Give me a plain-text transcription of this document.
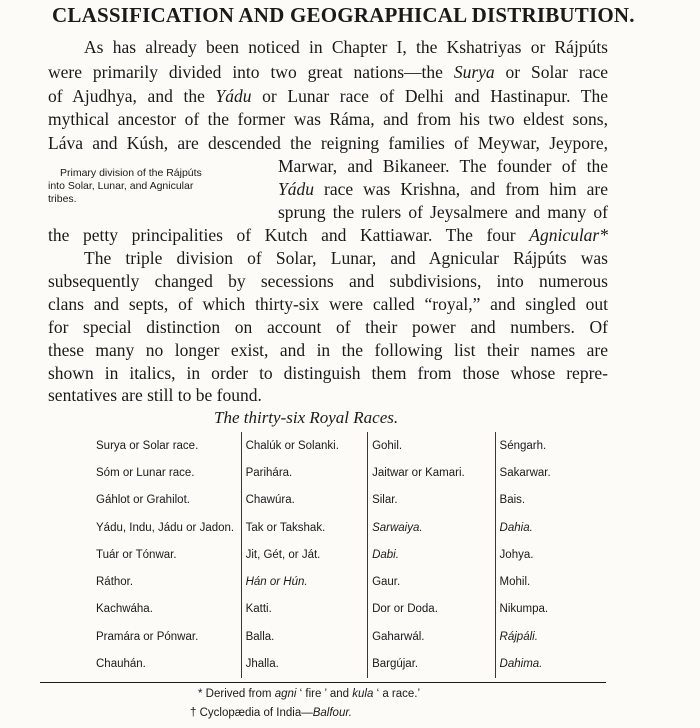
CLASSIFICATION AND GEOGRAPHICAL DISTRIBUTION.
As has already been noticed in Chapter I, the Kshatriyas or Rájpúts
were primarily divided into two great nations—the Surya or Solar race
of Ajudhya, and the Yádu or Lunar race of Delhi and Hastinapur. The
mythical ancestor of the former was Ráma, and from his two eldest sons,
Láva and Kúsh, are descended the reigning families of Meywar, Jeypore,
Marwar, and Bikaneer. The founder of the
Yádu race was Krishna, and from him are
sprung the rulers of Jeysalmere and many of
the petty principalities of Kutch and Kattiawar. The four Agnicular*
Primary division of the Rájpúts
into Solar, Lunar, and Agnicular
tribes.
The triple division of Solar, Lunar, and Agnicular Rájpúts was
subsequently changed by secessions and subdivisions, into numerous
clans and septs, of which thirty-six were called “royal,” and singled out
for special distinction on account of their power and numbers. Of
these many no longer exist, and in the following list their names are
shown in italics, in order to distinguish them from those whose repre-
sentatives are still to be found.
The thirty-six Royal Races.
Surya or Solar race.	Chalúk or Solanki.	Gohil.	Séngarh.
Sóm or Lunar race.	Parihára.	Jaitwar or Kamari.	Sakarwar.
Gáhlot or Grahilot.	Chawúra.	Silar.	Bais.
Yádu, Indu, Jádu or Jadon.	Tak or Takshak.	Sarwaiya.	Dahia.
Tuár or Tónwar.	Jit, Gét, or Ját.	Dabi.	Johya.
Ráthor.	Hán or Hún.	Gaur.	Mohil.
Kachwáha.	Katti.	Dor or Doda.	Nikumpa.
Pramára or Pónwar.	Balla.	Gaharwál.	Rájpáli.
Chauhán.	Jhalla.	Bargújar.	Dahima.
* Derived from agni ‘ fire ’ and kula ‘ a race.’
† Cyclopædia of India—Balfour.
